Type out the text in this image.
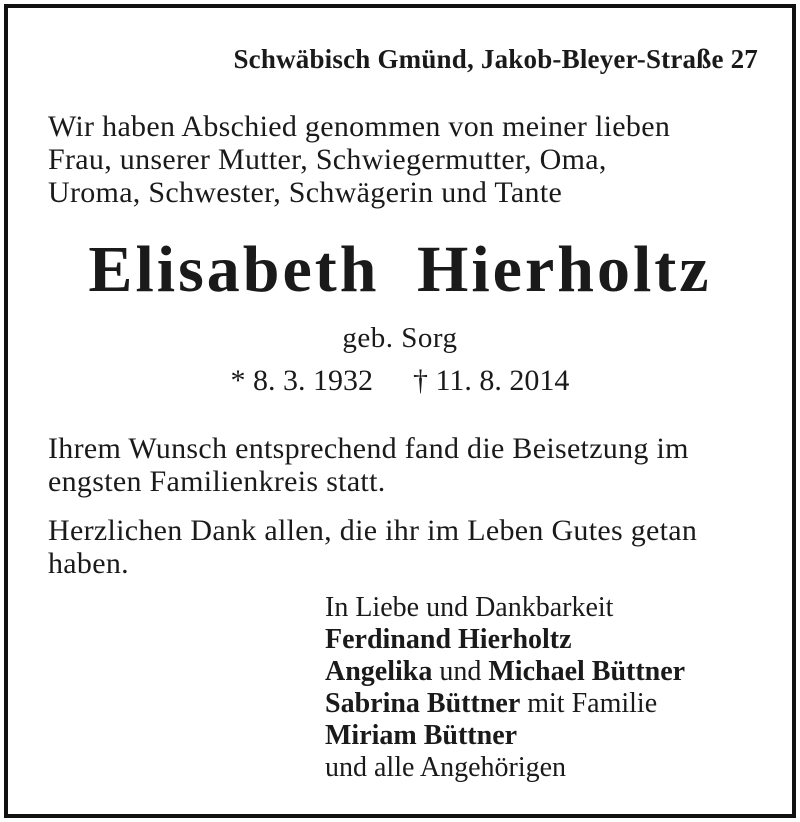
Schwäbisch Gmünd, Jakob-Bleyer-Straße 27
Wir haben Abschied genommen von meiner lieben
Frau, unserer Mutter, Schwiegermutter, Oma,
Uroma, Schwester, Schwägerin und Tante
Elisabeth Hierholtz
geb. Sorg
* 8. 3. 1932 † 11. 8. 2014
Ihrem Wunsch entsprechend fand die Beisetzung im
engsten Familienkreis statt.
Herzlichen Dank allen, die ihr im Leben Gutes getan
haben.
In Liebe und Dankbarkeit
Ferdinand Hierholtz
Angelika und Michael Büttner
Sabrina Büttner mit Familie
Miriam Büttner
und alle Angehörigen
